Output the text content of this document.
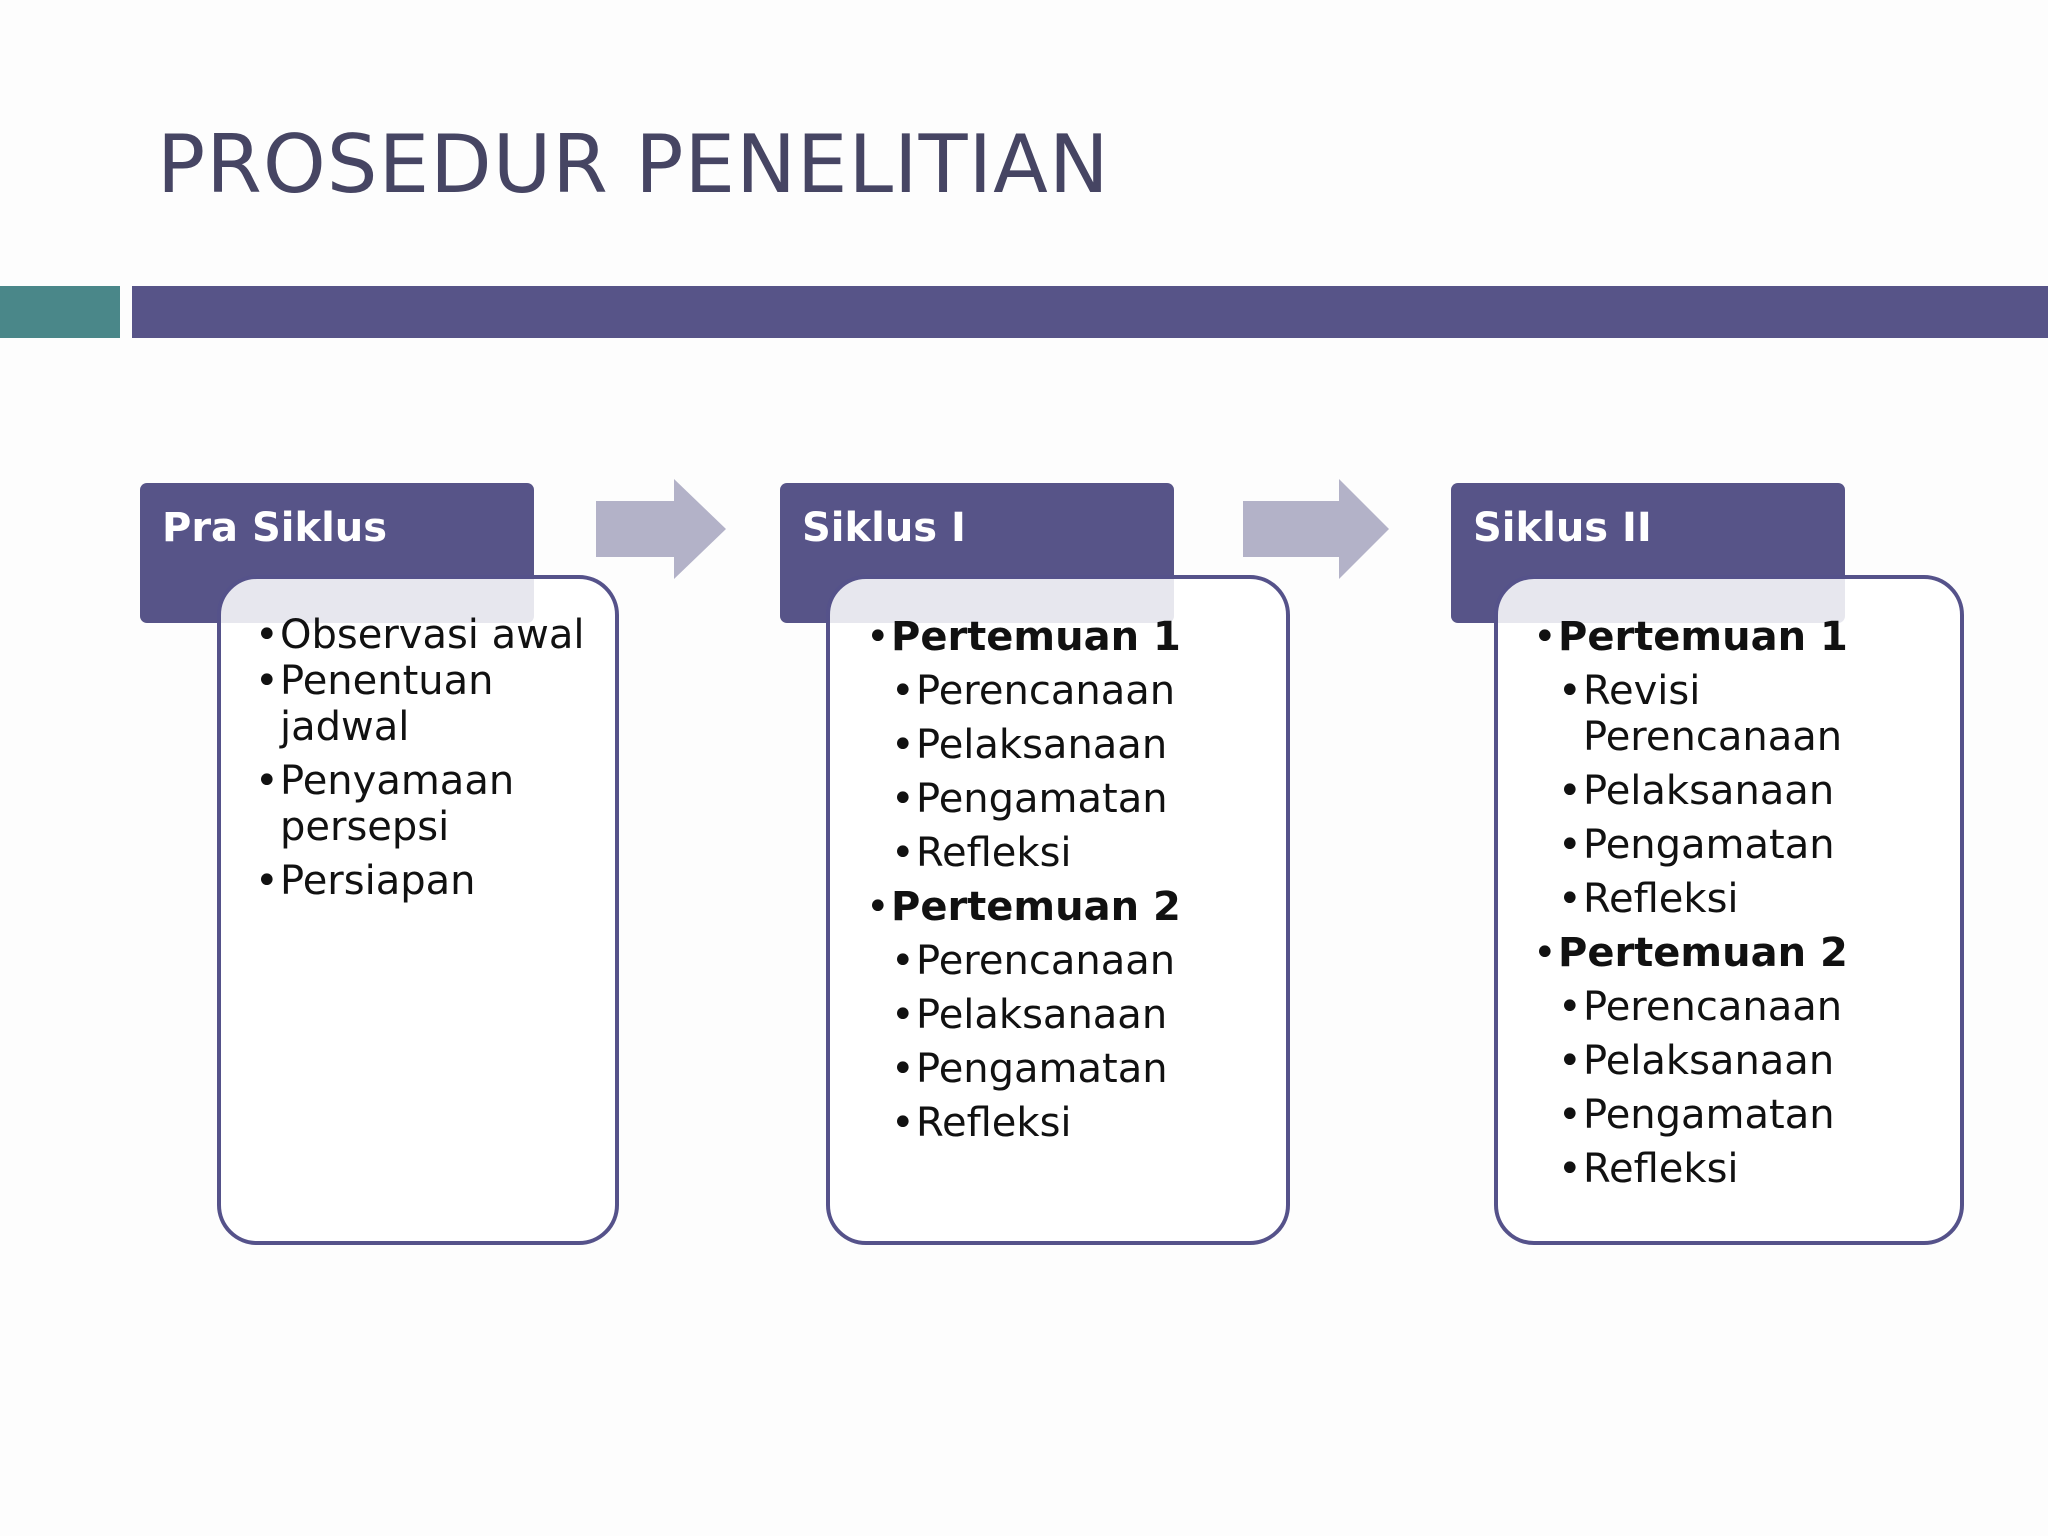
PROSEDUR PENELITIAN
Pra Siklus
• Observasi awal
• Penentuan jadwal
• Penyamaan persepsi
• Persiapan
Siklus I
• Pertemuan 1
• Perencanaan
• Pelaksanaan
• Pengamatan
• Refleksi
• Pertemuan 2
• Perencanaan
• Pelaksanaan
• Pengamatan
• Refleksi
Siklus II
• Pertemuan 1
• Revisi Perencanaan
• Pelaksanaan
• Pengamatan
• Refleksi
• Pertemuan 2
• Perencanaan
• Pelaksanaan
• Pengamatan
• Refleksi
